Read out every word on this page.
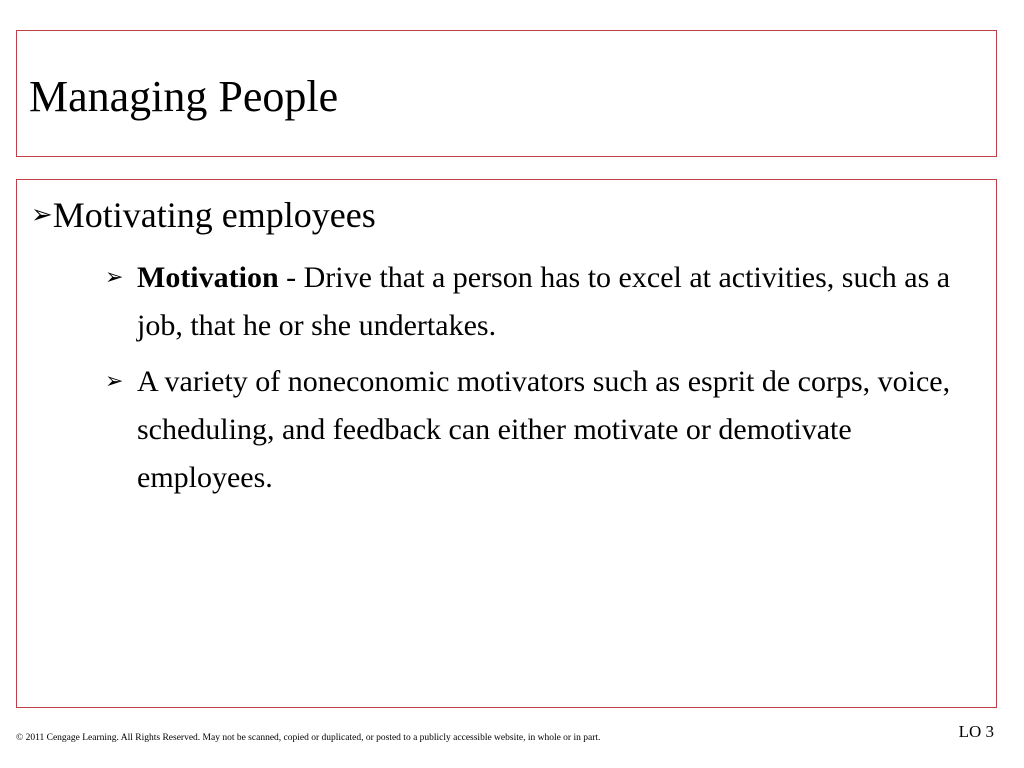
Managing People
➢Motivating employees
➢ Motivation - Drive that a person has to excel at activities, such as a job, that he or she undertakes.
➢ A variety of noneconomic motivators such as esprit de corps, voice, scheduling, and feedback can either motivate or demotivate employees.
© 2011 Cengage Learning. All Rights Reserved. May not be scanned, copied or duplicated, or posted to a publicly accessible website, in whole or in part.	LO 3
